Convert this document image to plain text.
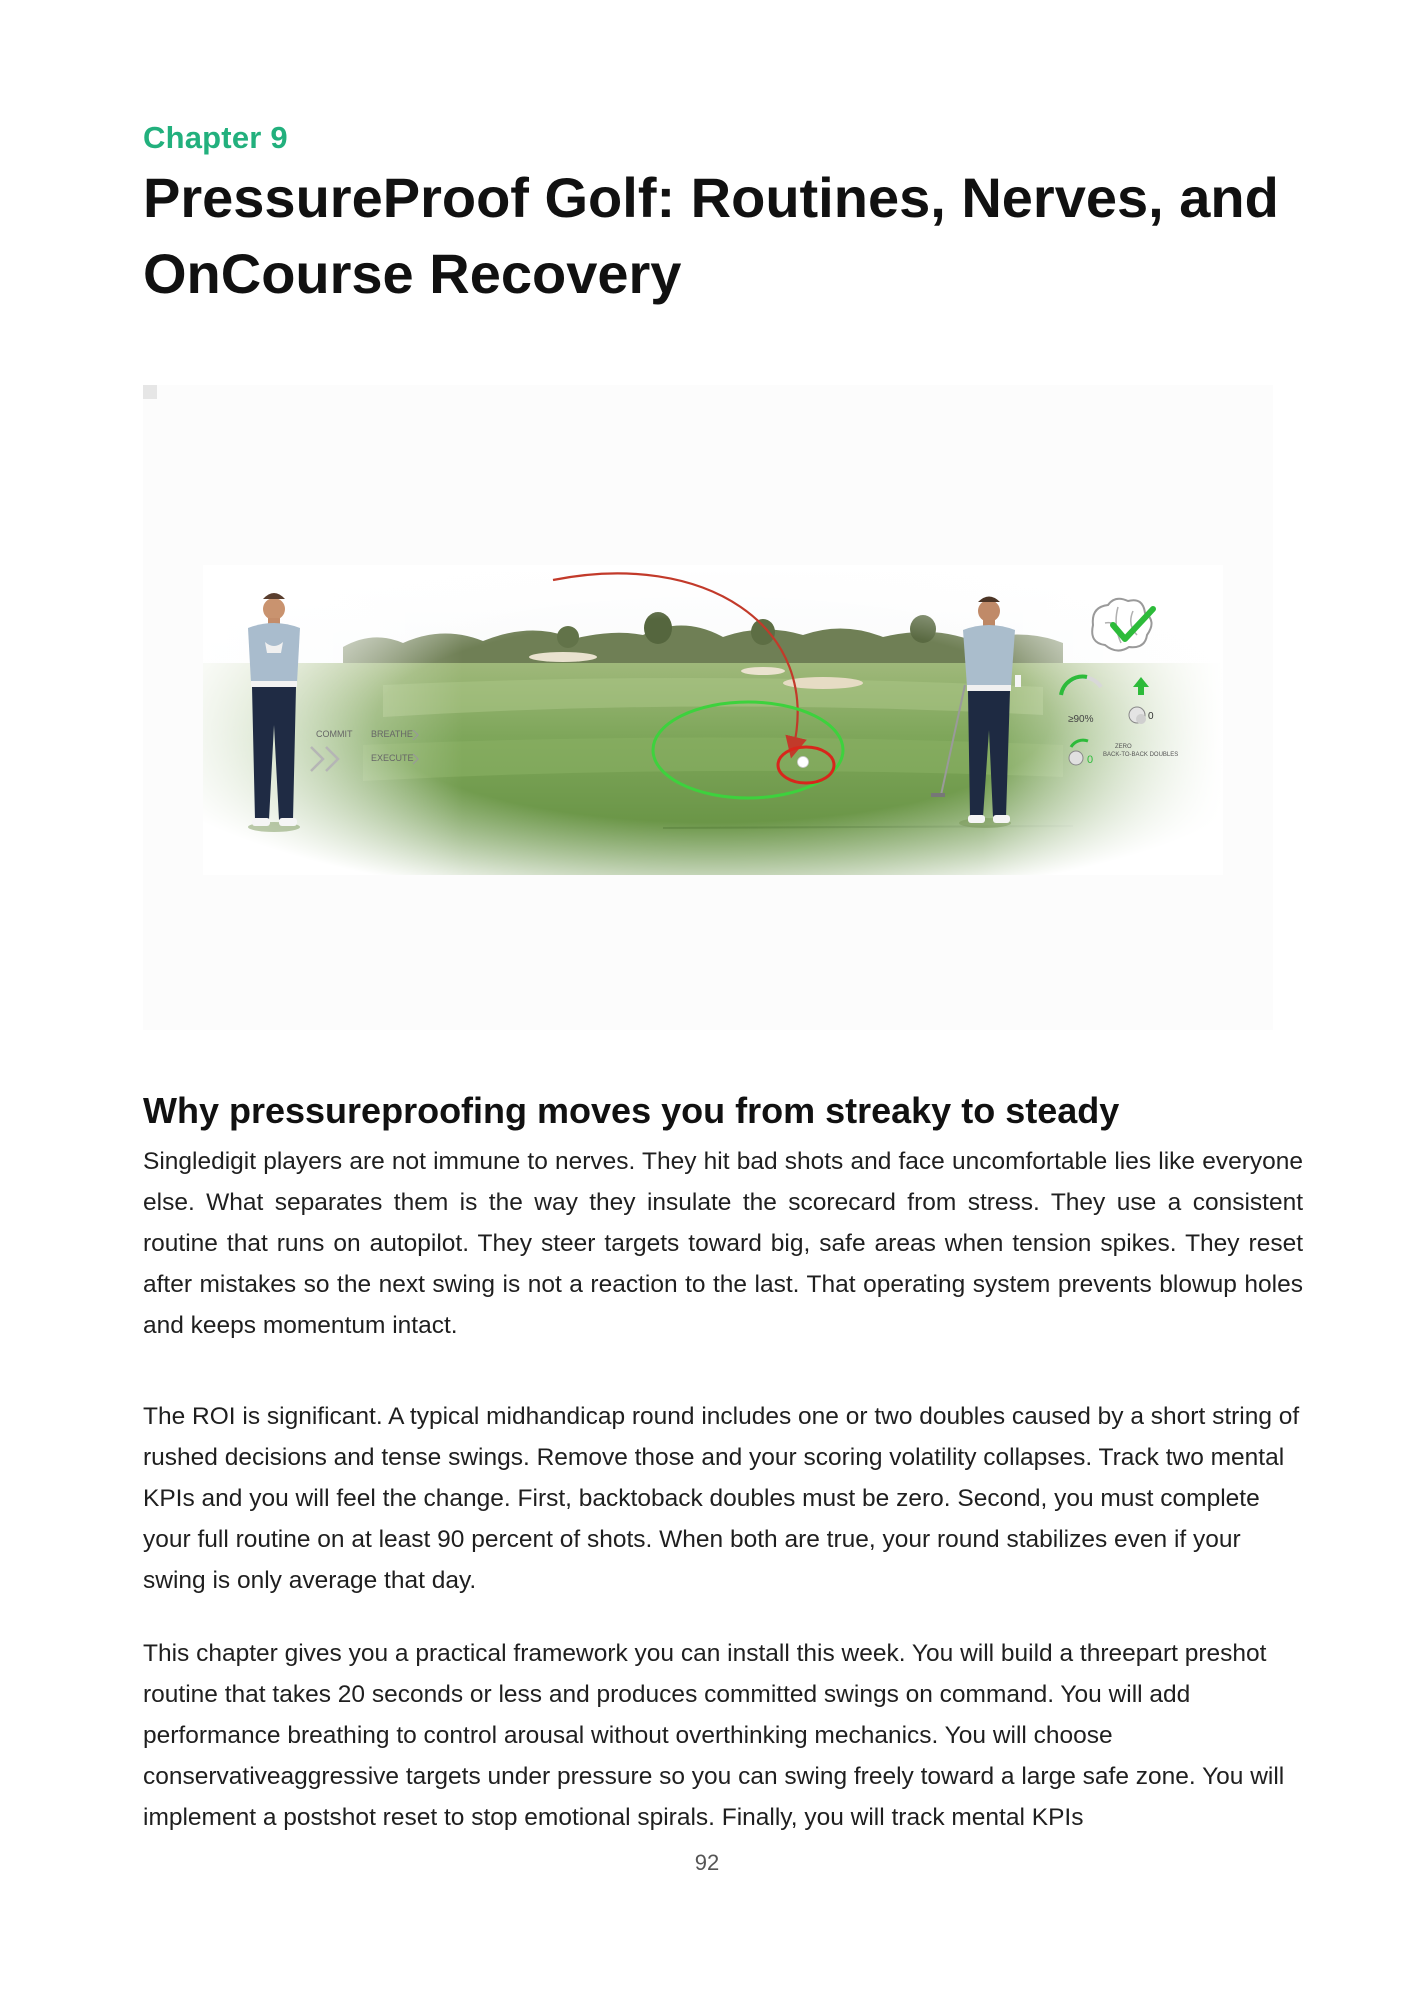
Chapter 9
PressureProof Golf: Routines, Nerves, and OnCourse Recovery
COMMIT BREATHE
EXECUTE
≥90%	0
0
ZERO
BACK-TO-BACK DOUBLES
Why pressureproofing moves you from streaky to steady

Singledigit players are not immune to nerves. They hit bad shots and face uncomfortable lies like everyone else. What separates them is the way they insulate the scorecard from stress. They use a consistent routine that runs on autopilot. They steer targets toward big, safe areas when tension spikes. They reset after mistakes so the next swing is not a reaction to the last. That operating system prevents blowup holes and keeps momentum intact.

The ROI is significant. A typical midhandicap round includes one or two doubles caused by a short string of rushed decisions and tense swings. Remove those and your scoring volatility collapses. Track two mental KPIs and you will feel the change. First, backtoback doubles must be zero. Second, you must complete your full routine on at least 90 percent of shots. When both are true, your round stabilizes even if your swing is only average that day.

This chapter gives you a practical framework you can install this week. You will build a threepart preshot routine that takes 20 seconds or less and produces committed swings on command. You will add performance breathing to control arousal without overthinking mechanics. You will choose conservativeaggressive targets under pressure so you can swing freely toward a large safe zone. You will implement a postshot reset to stop emotional spirals. Finally, you will track mental KPIs

92
